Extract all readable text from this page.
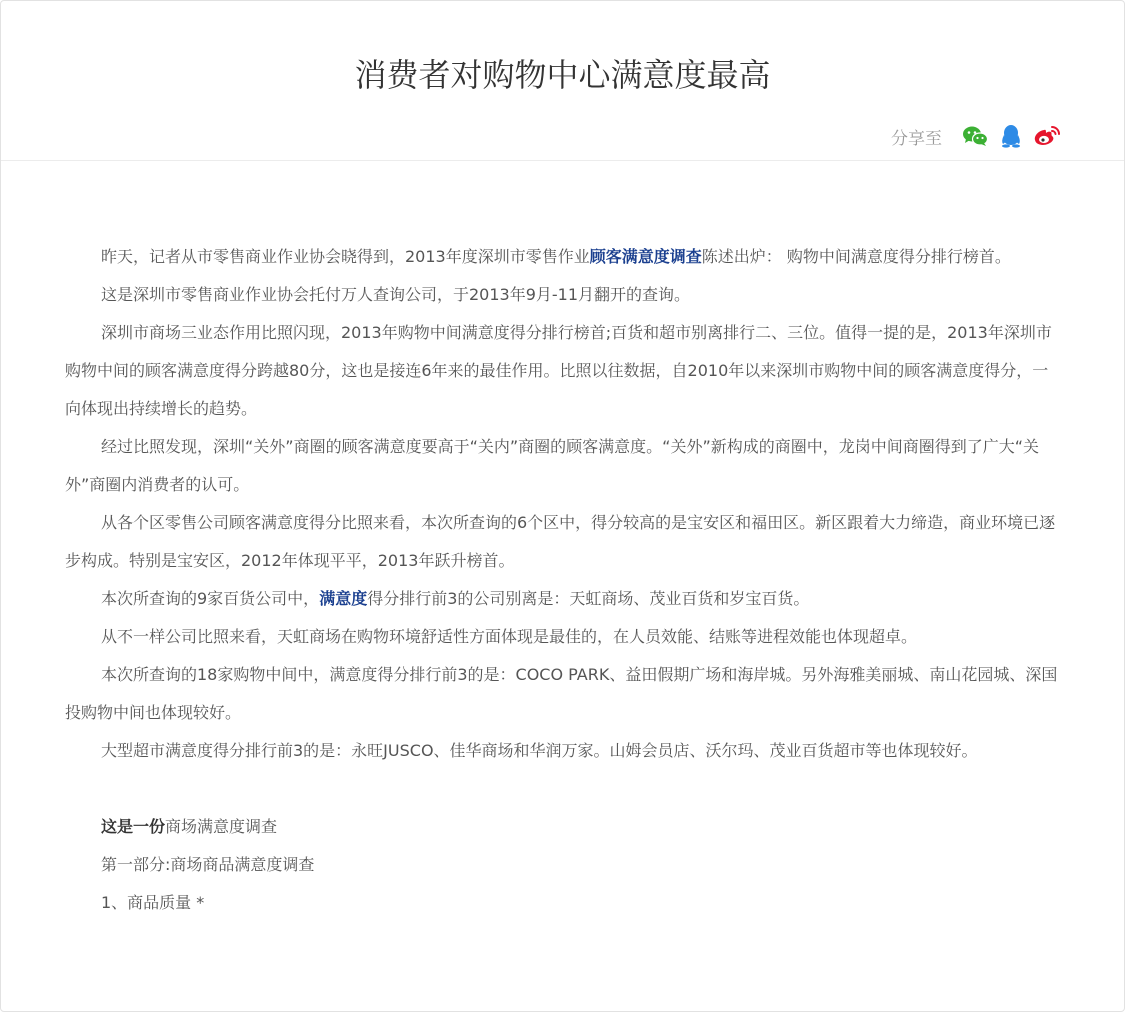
消费者对购物中心满意度最高
分享至

昨天，记者从市零售商业作业协会晓得到，2013年度深圳市零售作业顾客满意度调查陈述出炉： 购物中间满意度得分排行榜首。

这是深圳市零售商业作业协会托付万人查询公司，于2013年9月-11月翻开的查询。

深圳市商场三业态作用比照闪现，2013年购物中间满意度得分排行榜首;百货和超市别离排行二、三位。值得一提的是，2013年深圳市购物中间的顾客满意度得分跨越80分，这也是接连6年来的最佳作用。比照以往数据，自2010年以来深圳市购物中间的顾客满意度得分，一向体现出持续增长的趋势。

经过比照发现，深圳“关外”商圈的顾客满意度要高于“关内”商圈的顾客满意度。“关外”新构成的商圈中，龙岗中间商圈得到了广大“关外”商圈内消费者的认可。

从各个区零售公司顾客满意度得分比照来看，本次所查询的6个区中，得分较高的是宝安区和福田区。新区跟着大力缔造，商业环境已逐步构成。特别是宝安区，2012年体现平平，2013年跃升榜首。

本次所查询的9家百货公司中，满意度得分排行前3的公司别离是：天虹商场、茂业百货和岁宝百货。

从不一样公司比照来看，天虹商场在购物环境舒适性方面体现是最佳的，在人员效能、结账等进程效能也体现超卓。

本次所查询的18家购物中间中，满意度得分排行前3的是：COCO PARK、益田假期广场和海岸城。另外海雅美丽城、南山花园城、深国投购物中间也体现较好。

大型超市满意度得分排行前3的是：永旺JUSCO、佳华商场和华润万家。山姆会员店、沃尔玛、茂业百货超市等也体现较好。

这是一份商场满意度调查

第一部分:商场商品满意度调查

1、商品质量 *
